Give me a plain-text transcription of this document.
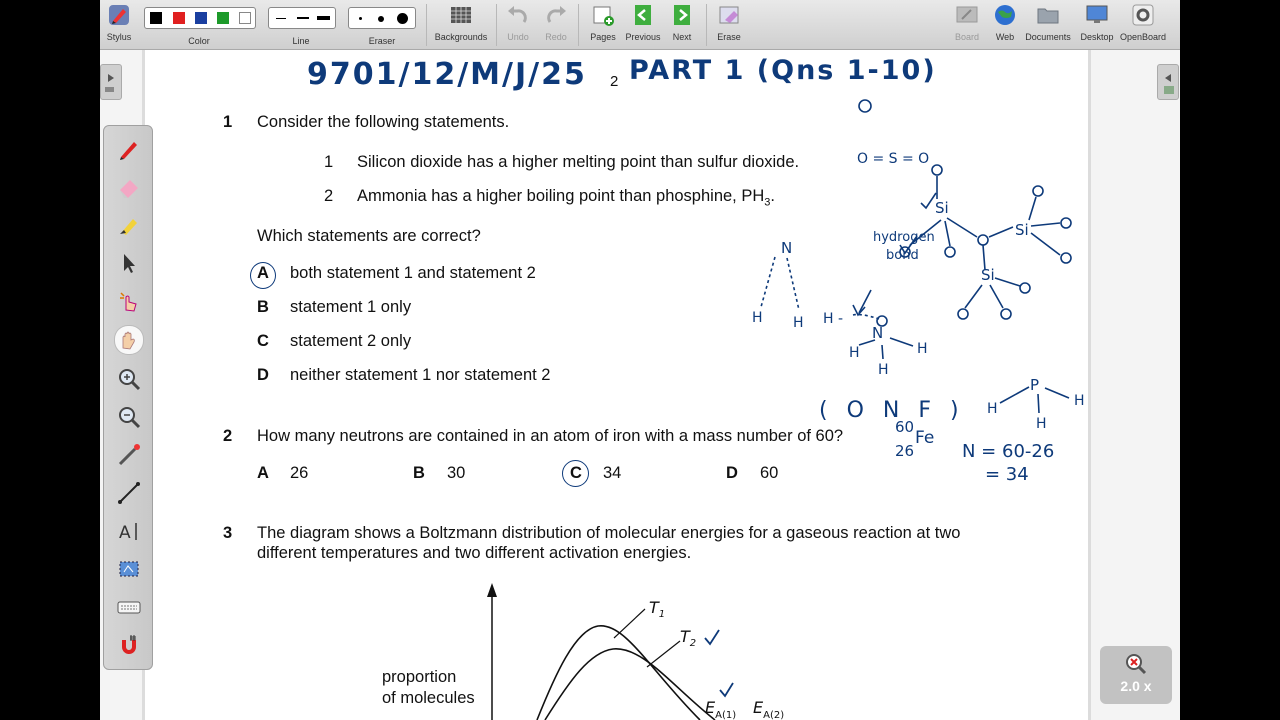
Stylus	Color	Line	Eraser	Backgrounds	Undo	Redo	Pages Previous	Next	Erase	Board	Web	Documents Desktop OpenBoard
9701/12/M/J/25 2 PART 1 (Qns 1-10)
1 Consider the following statements.
1 Silicon dioxide has a higher melting point than sulfur dioxide.
2 Ammonia has a higher boiling point than phosphine, $PH_3$.
Which statements are correct?
A both statement 1 and statement 2
B statement 1 only
C statement 2 only
D neither statement 1 nor statement 2
2 How many neutrons are contained in an atom of iron with a mass number of 60?
A 26	B 30	C 34	D 60
3 The diagram shows a Boltzmann distribution of molecular energies for a gaseous reaction at two
different temperatures and two different activation energies.
proportion
of molecules
$T_1$
$T_2$
$E_{A(1)}$ $E_{A(2)}$
O = S = O
Si
Si
Si
N
H H H -
N
H	H
H
hydrogen
bond
( O N F )
P
H	H
H
60
Fe
26	N = 60-26
= 34
A
2.0 x
